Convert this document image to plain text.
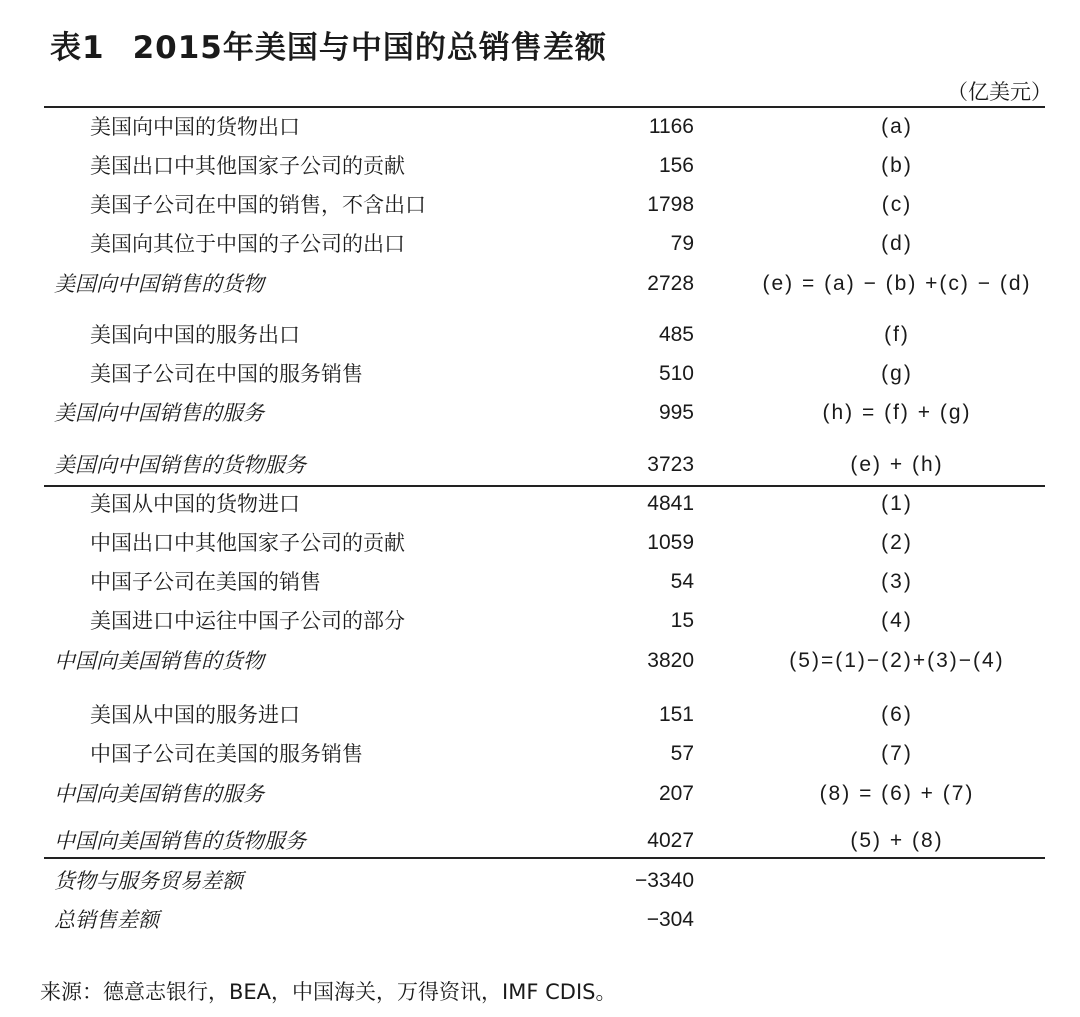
表1 2015年美国与中国的总销售差额
（亿美元）
美国向中国的货物出口	1166	(a)
美国出口中其他国家子公司的贡献	156	(b)
美国子公司在中国的销售，不含出口	1798	(c)
美国向其位于中国的子公司的出口	79	(d)
美国向中国销售的货物	2728	(e) = (a) − (b) +(c) − (d)
美国向中国的服务出口	485	(f)
美国子公司在中国的服务销售	510	(g)
美国向中国销售的服务	995	(h) = (f) + (g)
美国向中国销售的货物服务	3723	(e) + (h)
美国从中国的货物进口	4841	(1)
中国出口中其他国家子公司的贡献	1059	(2)
中国子公司在美国的销售	54	(3)
美国进口中运往中国子公司的部分	15	(4)
中国向美国销售的货物	3820	(5)=(1)−(2)+(3)−(4)
美国从中国的服务进口	151	(6)
中国子公司在美国的服务销售	57	(7)
中国向美国销售的服务	207	(8) = (6) + (7)
中国向美国销售的货物服务	4027	(5) + (8)
货物与服务贸易差额	−3340
总销售差额	−304
来源：德意志银行，BEA，中国海关，万得资讯，IMF CDIS。
